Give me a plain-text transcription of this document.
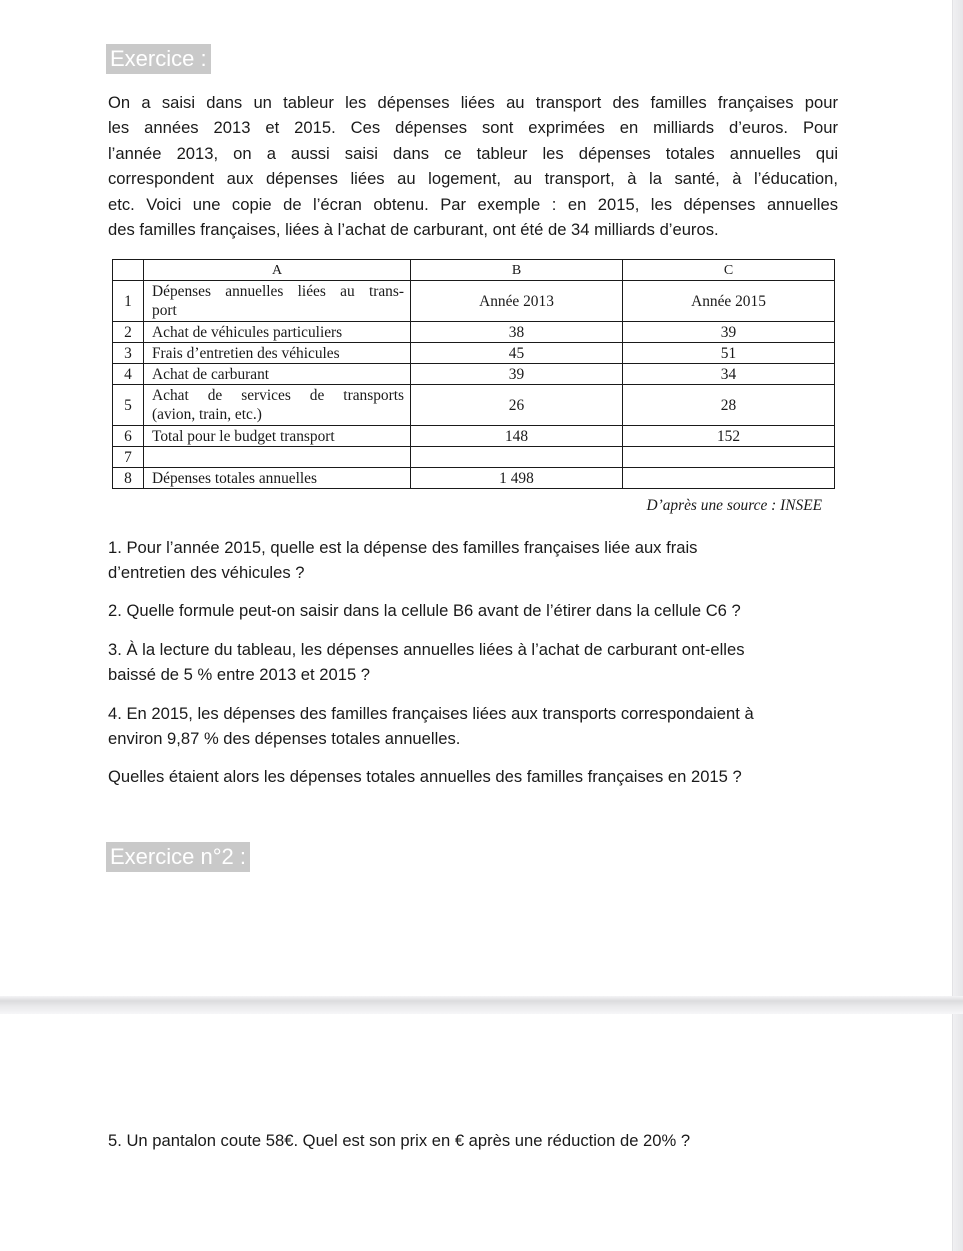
Exercice :
On a saisi dans un tableur les dépenses liées au transport des familles françaises pour
les années 2013 et 2015. Ces dépenses sont exprimées en milliards d’euros. Pour
l’année 2013, on a aussi saisi dans ce tableur les dépenses totales annuelles qui
correspondent aux dépenses liées au logement, au transport, à la santé, à l’éducation,
etc. Voici une copie de l’écran obtenu. Par exemple : en 2015, les dépenses annuelles
des familles françaises, liées à l’achat de carburant, ont été de 34 milliards d’euros.
	A	B	C
1	Dépenses annuelles liées au trans-
port	Année 2013	Année 2015
2	Achat de véhicules particuliers	38	39
3	Frais d’entretien des véhicules	45	51
4	Achat de carburant	39	34
5	Achat de services de transports
(avion, train, etc.)	26	28
6	Total pour le budget transport	148	152
7			
8	Dépenses totales annuelles	1 498	
D’après une source : INSEE
1. Pour l’année 2015, quelle est la dépense des familles françaises liée aux frais
d’entretien des véhicules ?
2. Quelle formule peut-on saisir dans la cellule B6 avant de l’étirer dans la cellule C6 ?
3. À la lecture du tableau, les dépenses annuelles liées à l’achat de carburant ont-elles
baissé de 5 % entre 2013 et 2015 ?
4. En 2015, les dépenses des familles françaises liées aux transports correspondaient à
environ 9,87 % des dépenses totales annuelles.
Quelles étaient alors les dépenses totales annuelles des familles françaises en 2015 ?
Exercice n°2 :
5. Un pantalon coute 58€. Quel est son prix en € après une réduction de 20% ?
